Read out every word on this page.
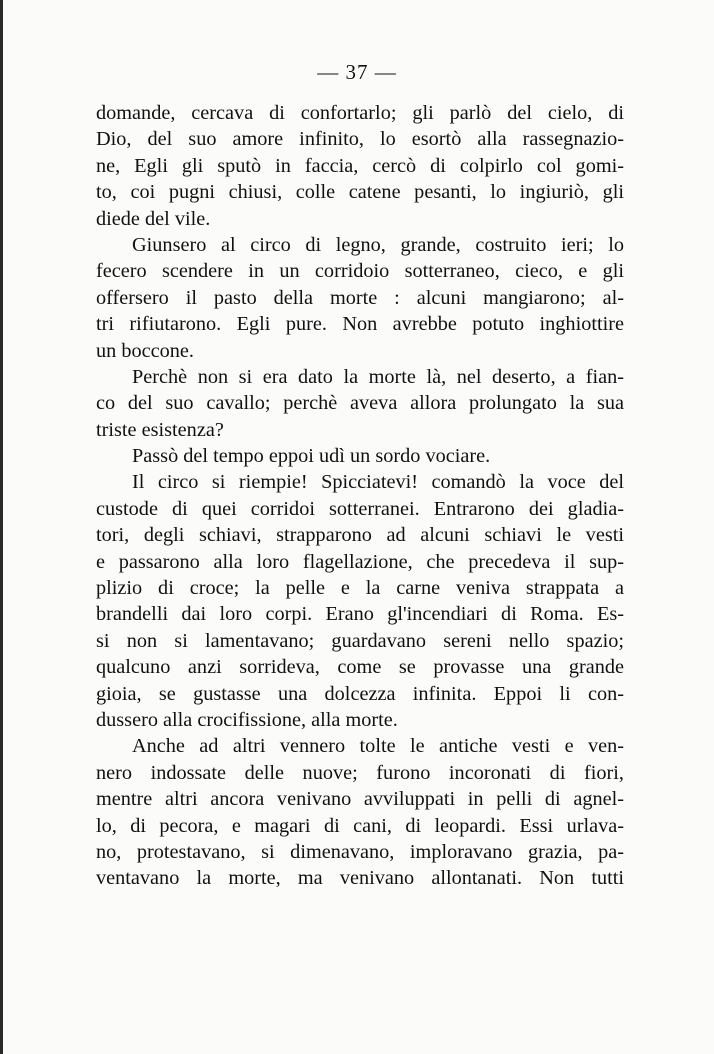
— 37 —
domande, cercava di confortarlo; gli parlò del cielo, di
Dio, del suo amore infinito, lo esortò alla rassegnazio-
ne, Egli gli sputò in faccia, cercò di colpirlo col gomi-
to, coi pugni chiusi, colle catene pesanti, lo ingiuriò, gli
diede del vile.
Giunsero al circo di legno, grande, costruito ieri; lo
fecero scendere in un corridoio sotterraneo, cieco, e gli
offersero il pasto della morte : alcuni mangiarono; al-
tri rifiutarono. Egli pure. Non avrebbe potuto inghiottire
un boccone.
Perchè non si era dato la morte là, nel deserto, a fian-
co del suo cavallo; perchè aveva allora prolungato la sua
triste esistenza?
Passò del tempo eppoi udì un sordo vociare.
Il circo si riempie! Spicciatevi! comandò la voce del
custode di quei corridoi sotterranei. Entrarono dei gladia-
tori, degli schiavi, strapparono ad alcuni schiavi le vesti
e passarono alla loro flagellazione, che precedeva il sup-
plizio di croce; la pelle e la carne veniva strappata a
brandelli dai loro corpi. Erano gl'incendiari di Roma. Es-
si non si lamentavano; guardavano sereni nello spazio;
qualcuno anzi sorrideva, come se provasse una grande
gioia, se gustasse una dolcezza infinita. Eppoi li con-
dussero alla crocifissione, alla morte.
Anche ad altri vennero tolte le antiche vesti e ven-
nero indossate delle nuove; furono incoronati di fiori,
mentre altri ancora venivano avviluppati in pelli di agnel-
lo, di pecora, e magari di cani, di leopardi. Essi urlava-
no, protestavano, si dimenavano, imploravano grazia, pa-
ventavano la morte, ma venivano allontanati. Non tutti
